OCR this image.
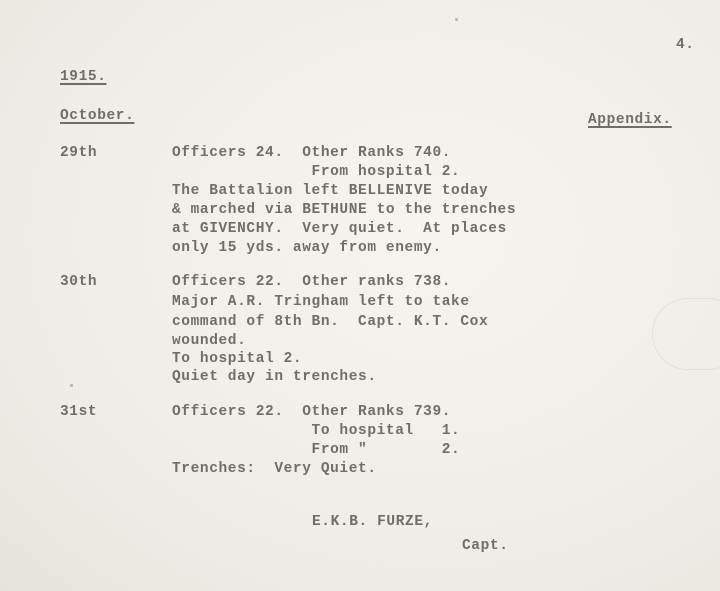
4.
1915.
October.	Appendix.
29th	Officers 24.  Other Ranks 740.
From hospital 2.
The Battalion left BELLENIVE today
& marched via BETHUNE to the trenches
at GIVENCHY.  Very quiet.  At places
only 15 yds. away from enemy.
30th	Officers 22.  Other ranks 738.
Major A.R. Tringham left to take
command of 8th Bn.  Capt. K.T. Cox
wounded.
To hospital 2.
Quiet day in trenches.
31st	Officers 22.  Other Ranks 739.
To hospital   1.
From "        2.
Trenches:  Very Quiet.
E.K.B. FURZE,
Capt.
